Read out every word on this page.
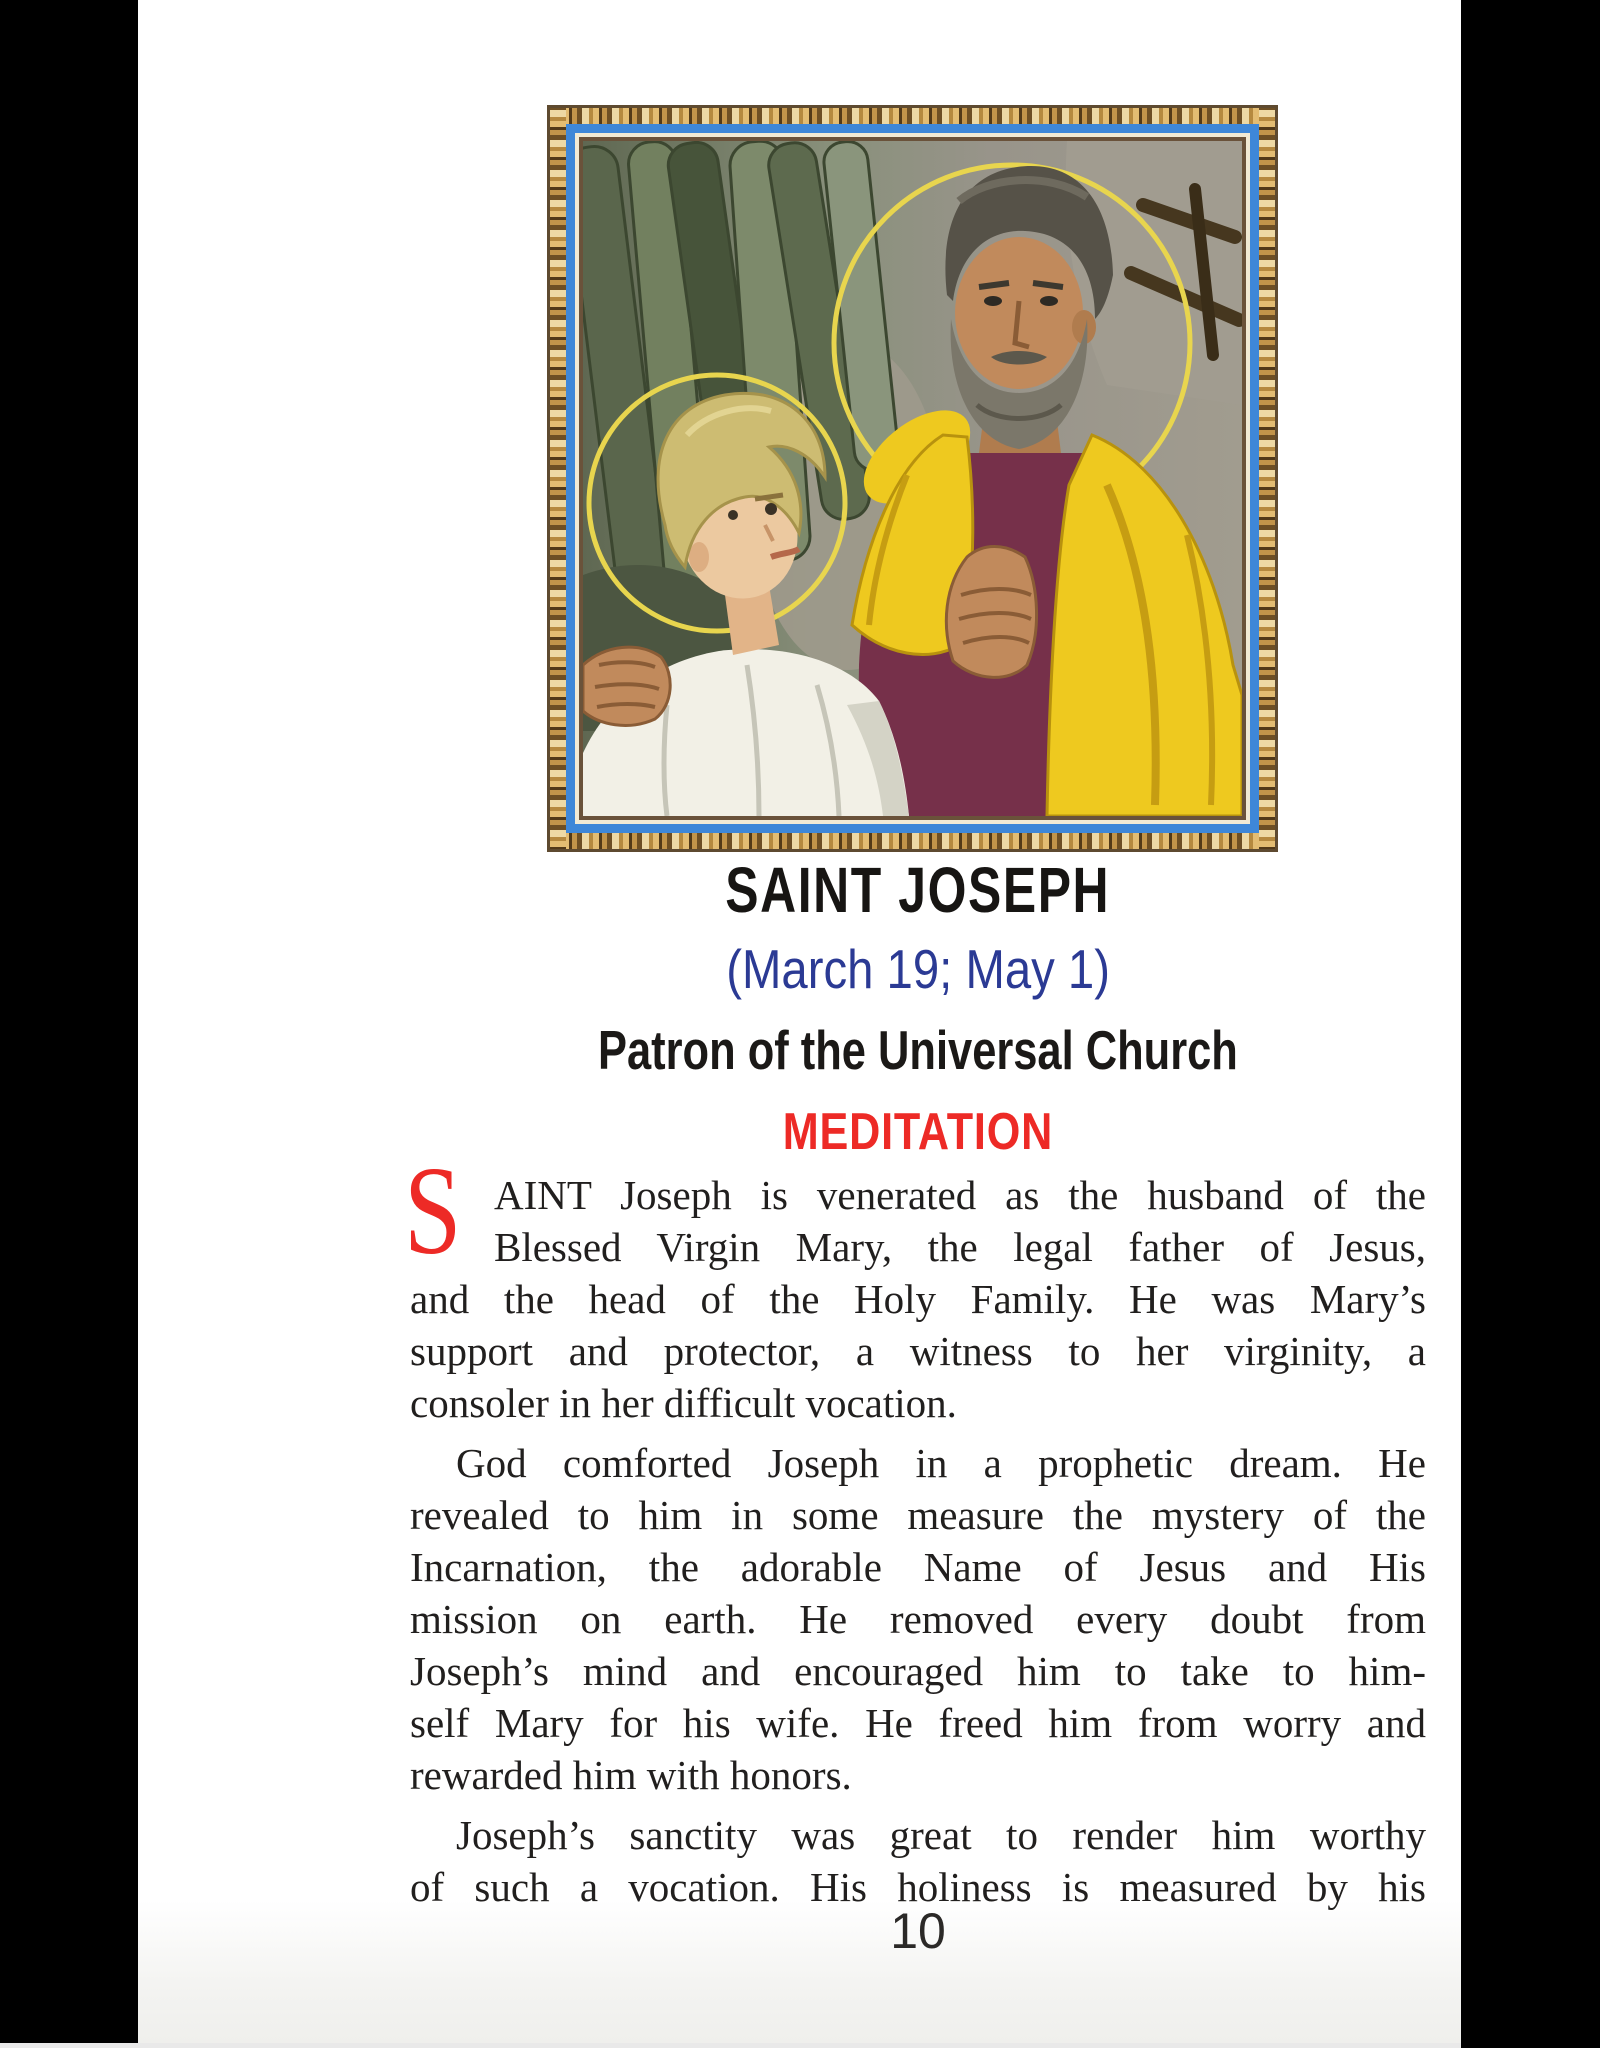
SAINT JOSEPH
(March 19; May 1)
Patron of the Universal Church
MEDITATION
S AINT Joseph is venerated as the husband of the
Blessed Virgin Mary, the legal father of Jesus,
and the head of the Holy Family. He was Mary’s
support and protector, a witness to her virginity, a
consoler in her difficult vocation.
God comforted Joseph in a prophetic dream. He
revealed to him in some measure the mystery of the
Incarnation, the adorable Name of Jesus and His
mission on earth. He removed every doubt from
Joseph’s mind and encouraged him to take to him-
self Mary for his wife. He freed him from worry and
rewarded him with honors.
Joseph’s sanctity was great to render him worthy
of such a vocation. His holiness is measured by his
10
